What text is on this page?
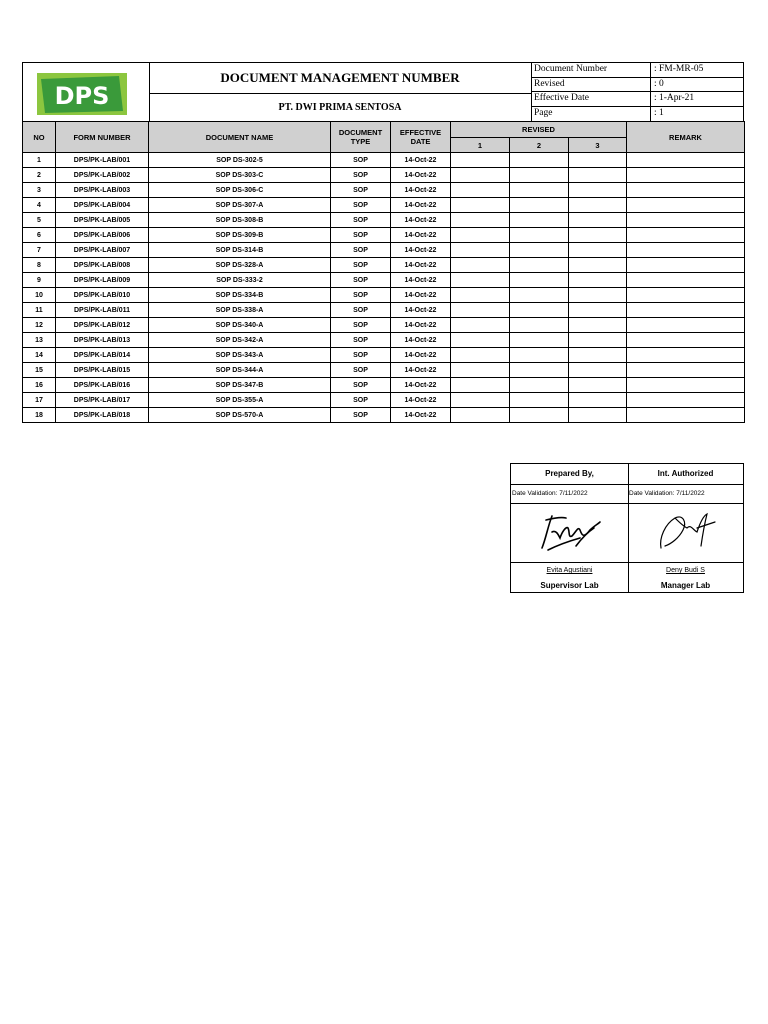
DPS
DOCUMENT MANAGEMENT NUMBER
PT. DWI PRIMA SENTOSA
Document Number	: FM-MR-05
Revised	: 0
Effective Date	: 1-Apr-21
Page	: 1
NO	FORM NUMBER	DOCUMENT NAME	DOCUMENT TYPE	EFFECTIVE DATE	REVISED			REMARK
					1	2	3	
1	DPS/PK-LAB/001	SOP DS-302-5	SOP	14-Oct-22				
2	DPS/PK-LAB/002	SOP DS-303-C	SOP	14-Oct-22				
3	DPS/PK-LAB/003	SOP DS-306-C	SOP	14-Oct-22				
4	DPS/PK-LAB/004	SOP DS-307-A	SOP	14-Oct-22				
5	DPS/PK-LAB/005	SOP DS-308-B	SOP	14-Oct-22				
6	DPS/PK-LAB/006	SOP DS-309-B	SOP	14-Oct-22				
7	DPS/PK-LAB/007	SOP DS-314-B	SOP	14-Oct-22				
8	DPS/PK-LAB/008	SOP DS-328-A	SOP	14-Oct-22				
9	DPS/PK-LAB/009	SOP DS-333-2	SOP	14-Oct-22				
10	DPS/PK-LAB/010	SOP DS-334-B	SOP	14-Oct-22				
11	DPS/PK-LAB/011	SOP DS-338-A	SOP	14-Oct-22				
12	DPS/PK-LAB/012	SOP DS-340-A	SOP	14-Oct-22				
13	DPS/PK-LAB/013	SOP DS-342-A	SOP	14-Oct-22				
14	DPS/PK-LAB/014	SOP DS-343-A	SOP	14-Oct-22				
15	DPS/PK-LAB/015	SOP DS-344-A	SOP	14-Oct-22				
16	DPS/PK-LAB/016	SOP DS-347-B	SOP	14-Oct-22				
17	DPS/PK-LAB/017	SOP DS-355-A	SOP	14-Oct-22				
18	DPS/PK-LAB/018	SOP DS-570-A	SOP	14-Oct-22				
Prepared By,
Date Validation: 7/11/2022
Evita Agustiani
Supervisor Lab
Int. Authorized
Date Validation: 7/11/2022
Deny Budi S
Manager Lab
